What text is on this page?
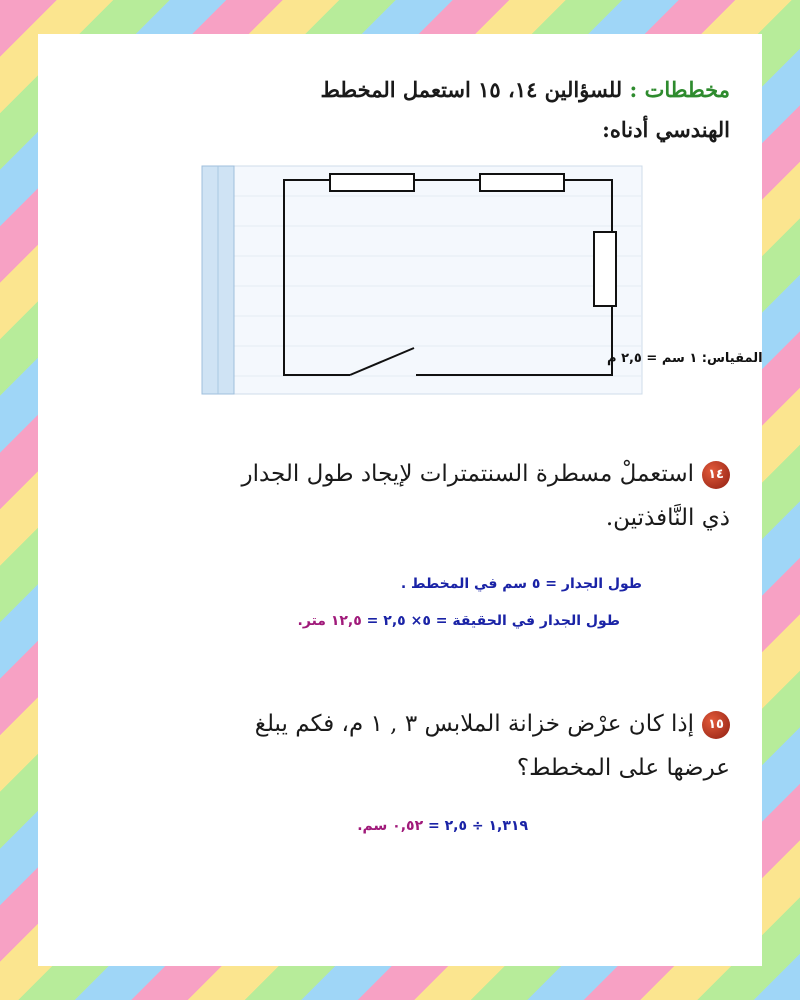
مخططات : للسؤالين ١٤، ١٥ استعمل المخطط
الهندسي أدناه:
المقياس: ١ سم = ٢,٥ م
١٤استعملْ مسطرة السنتمترات لإيجاد طول الجدار
ذي النَّافذتين.
طول الجدار = ٥ سم في المخطط .
طول الجدار في الحقيقة = ٥× ٢,٥ = ١٢,٥ متر.
١٥إذا كان عرْض خزانة الملابس ٣ , ١ م، فكم يبلغ
عرضها على المخطط؟
١,٣١٩ ÷ ٢,٥ = ٠,٥٢ سم.
